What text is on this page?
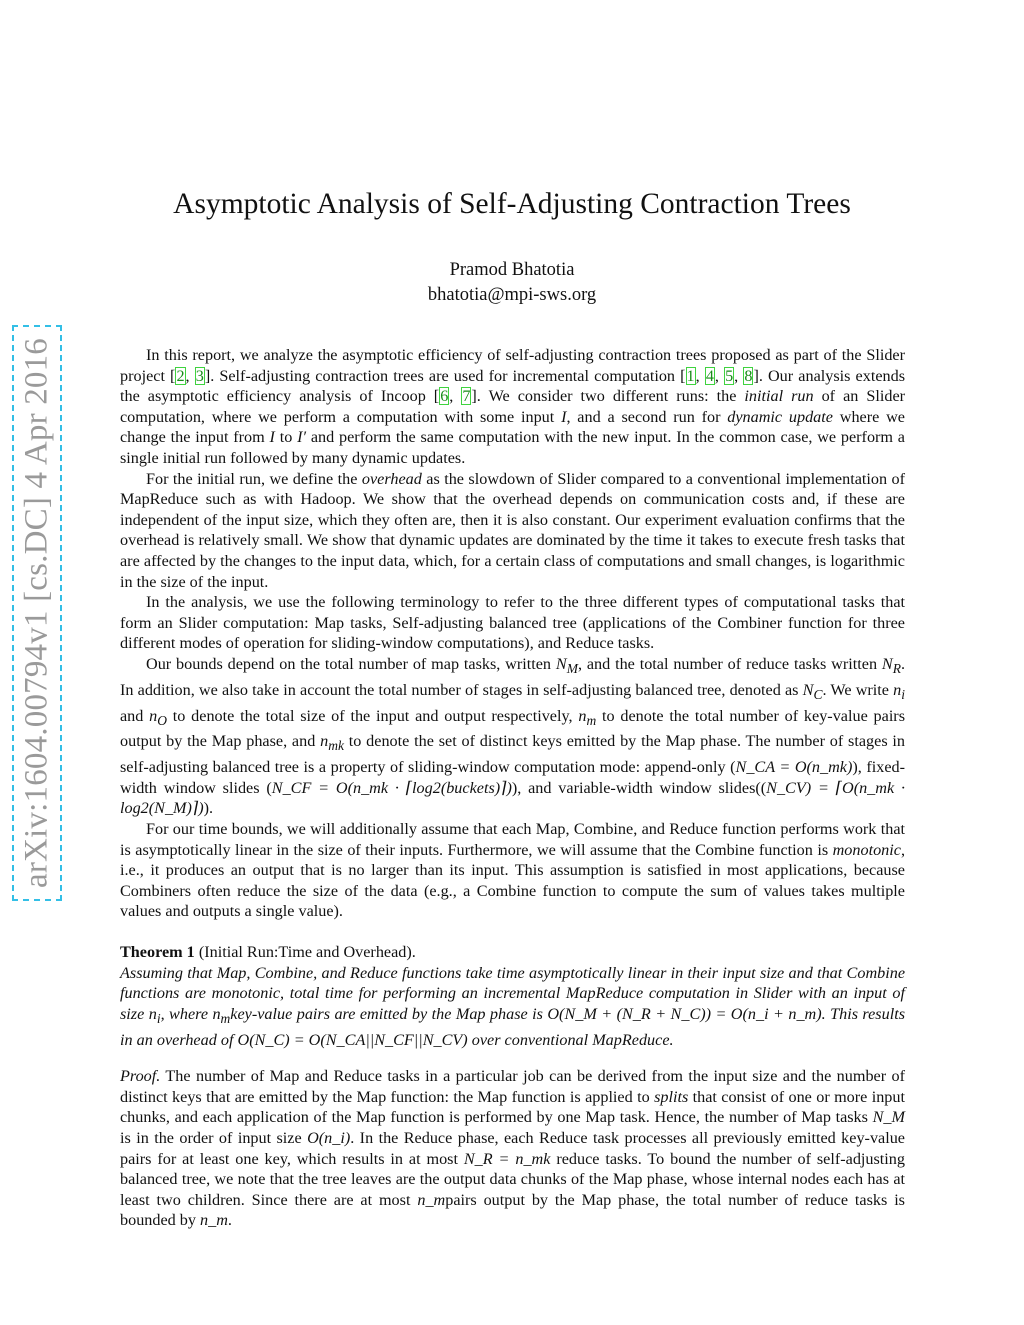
arXiv:1604.00794v1 [cs.DC] 4 Apr 2016
Asymptotic Analysis of Self-Adjusting Contraction Trees
Pramod Bhatotia
bhatotia@mpi-sws.org

In this report, we analyze the asymptotic efficiency of self-adjusting contraction trees proposed as part of the Slider project [2, 3]. Self-adjusting contraction trees are used for incremental computation [1, 4, 5, 8]. Our analysis extends the asymptotic efficiency analysis of Incoop [6, 7]. We consider two different runs: the initial run of an Slider computation, where we perform a computation with some input I, and a second run for dynamic update where we change the input from I to I′ and perform the same computation with the new input. In the common case, we perform a single initial run followed by many dynamic updates.

For the initial run, we define the overhead as the slowdown of Slider compared to a conventional implementation of MapReduce such as with Hadoop. We show that the overhead depends on communication costs and, if these are independent of the input size, which they often are, then it is also constant. Our experiment evaluation confirms that the overhead is relatively small. We show that dynamic updates are dominated by the time it takes to execute fresh tasks that are affected by the changes to the input data, which, for a certain class of computations and small changes, is logarithmic in the size of the input.

In the analysis, we use the following terminology to refer to the three different types of computational tasks that form an Slider computation: Map tasks, Self-adjusting balanced tree (applications of the Combiner function for three different modes of operation for sliding-window computations), and Reduce tasks.

Our bounds depend on the total number of map tasks, written $N_M$, and the total number of reduce tasks written $N_R$. In addition, we also take in account the total number of stages in self-adjusting balanced tree, denoted as $N_C$. We write $n_i$ and $n_O$ to denote the total size of the input and output respectively, $n_m$ to denote the total number of key-value pairs output by the Map phase, and $n_{mk}$ to denote the set of distinct keys emitted by the Map phase. The number of stages in self-adjusting balanced tree is a property of sliding-window computation mode: append-only (N_CA = O(n_mk)), fixed-width window slides (N_CF = O(n_mk · ⌈log2(buckets)⌉)), and variable-width window slides((N_CV) = ⌈O(n_mk · log2(N_M)⌉)).

For our time bounds, we will additionally assume that each Map, Combine, and Reduce function performs work that is asymptotically linear in the size of their inputs. Furthermore, we will assume that the Combine function is monotonic, i.e., it produces an output that is no larger than its input. This assumption is satisfied in most applications, because Combiners often reduce the size of the data (e.g., a Combine function to compute the sum of values takes multiple values and outputs a single value).

Theorem 1 (Initial Run:Time and Overhead).

Assuming that Map, Combine, and Reduce functions take time asymptotically linear in their input size and that Combine functions are monotonic, total time for performing an incremental MapReduce computation in Slider with an input of size $n_i$, where $n_mkey$-value pairs are emitted by the Map phase is O(N_M + (N_R + N_C)) = O(n_i + n_m). This results in an overhead of O(N_C) = O(N_CA||N_CF||N_CV) over conventional MapReduce.

Proof. The number of Map and Reduce tasks in a particular job can be derived from the input size and the number of distinct keys that are emitted by the Map function: the Map function is applied to splits that consist of one or more input chunks, and each application of the Map function is performed by one Map task. Hence, the number of Map tasks N_M is in the order of input size O(n_i). In the Reduce phase, each Reduce task processes all previously emitted key-value pairs for at least one key, which results in at most N_R = n_mk reduce tasks. To bound the number of self-adjusting balanced tree, we note that the tree leaves are the output data chunks of the Map phase, whose internal nodes each has at least two children. Since there are at most n_mpairs output by the Map phase, the total number of reduce tasks is bounded by n_m.
